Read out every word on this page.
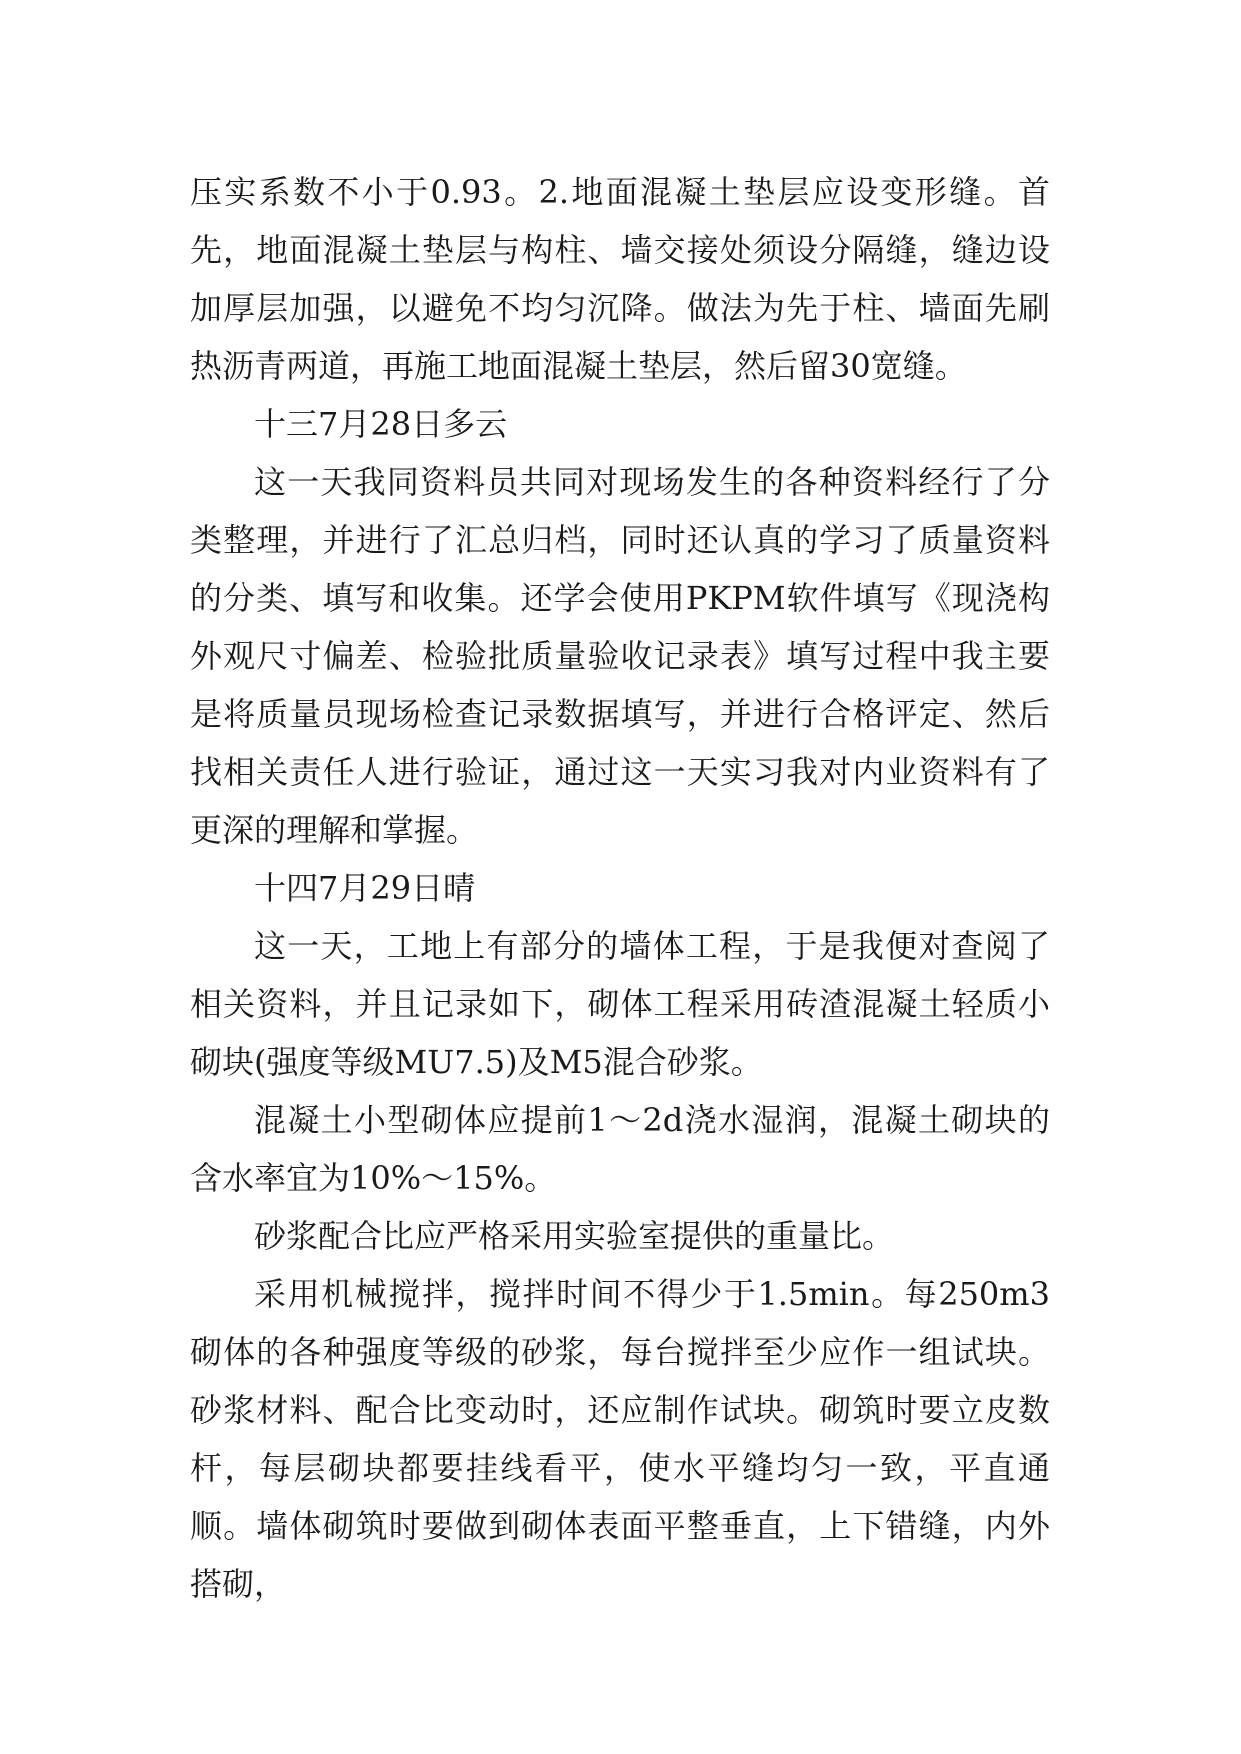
压实系数不小于0.93。2.地面混凝土垫层应设变形缝。首先，地面混凝土垫层与构柱、墙交接处须设分隔缝，缝边设加厚层加强，以避免不均匀沉降。做法为先于柱、墙面先刷热沥青两道，再施工地面混凝土垫层，然后留30宽缝。

十三7月28日多云

这一天我同资料员共同对现场发生的各种资料经行了分类整理，并进行了汇总归档，同时还认真的学习了质量资料的分类、填写和收集。还学会使用PKPM软件填写《现浇构外观尺寸偏差、检验批质量验收记录表》填写过程中我主要是将质量员现场检查记录数据填写，并进行合格评定、然后找相关责任人进行验证，通过这一天实习我对内业资料有了更深的理解和掌握。

十四7月29日晴

这一天，工地上有部分的墙体工程，于是我便对查阅了相关资料，并且记录如下，砌体工程采用砖渣混凝土轻质小砌块(强度等级MU7.5)及M5混合砂浆。

混凝土小型砌体应提前1～2d浇水湿润，混凝土砌块的含水率宜为10%～15%。

砂浆配合比应严格采用实验室提供的重量比。

采用机械搅拌，搅拌时间不得少于1.5min。每250m3砌体的各种强度等级的砂浆，每台搅拌至少应作一组试块。砂浆材料、配合比变动时，还应制作试块。砌筑时要立皮数杆，每层砌块都要挂线看平，使水平缝均匀一致，平直通顺。墙体砌筑时要做到砌体表面平整垂直，上下错缝，内外搭砌，
